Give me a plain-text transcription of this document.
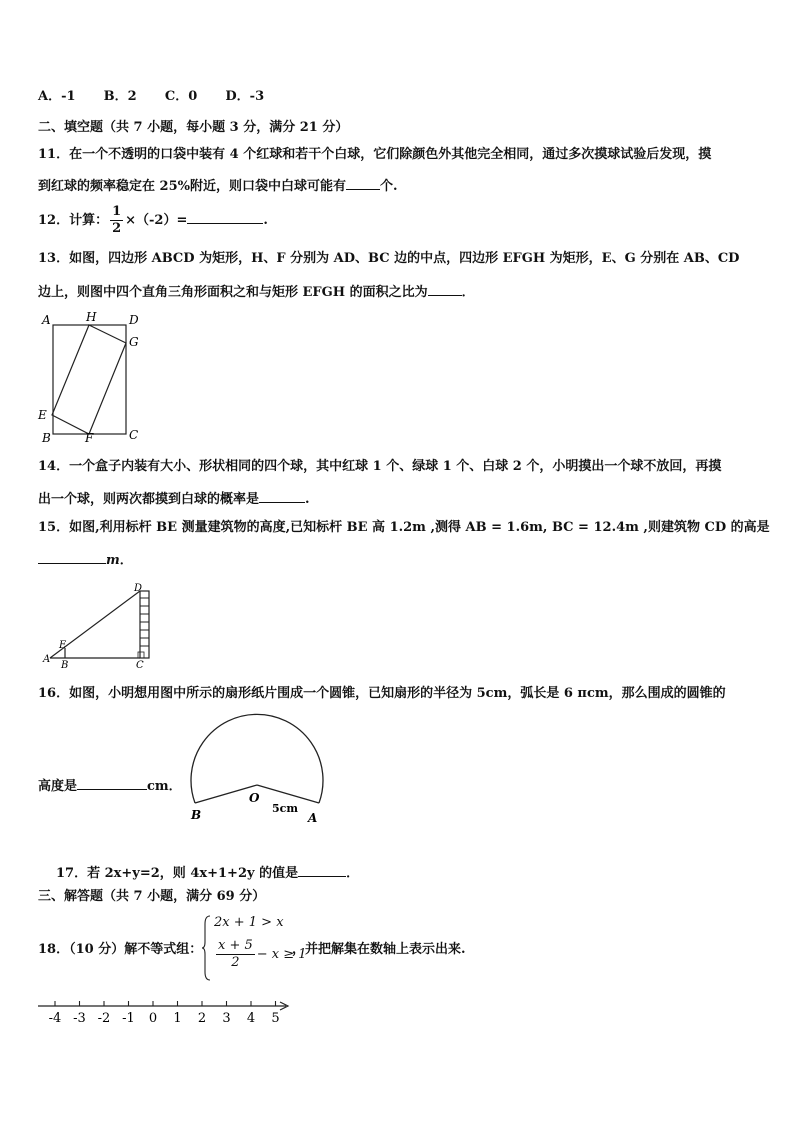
A．-1 B．2 C．0 D．-3
二、填空题（共 7 小题，每小题 3 分，满分 21 分）
11．在一个不透明的口袋中装有 4 个红球和若干个白球，它们除颜色外其他完全相同，通过多次摸球试验后发现，摸
到红球的频率稳定在 25%附近，则口袋中白球可能有	个.
12．计算： $\frac{1}{2} \times(-2)=$	.
13．如图，四边形 ABCD 为矩形，H、F 分别为 AD、BC 边的中点，四边形 EFGH 为矩形，E、G 分别在 AB、CD
边上，则图中四个直角三角形面积之和与矩形 EFGH 的面积之比为	．
A	H	D
G
E
B	F	C
14．一个盒子内装有大小、形状相同的四个球，其中红球 1 个、绿球 1 个、白球 2 个，小明摸出一个球不放回，再摸
出一个球，则两次都摸到白球的概率是	.
15．如图,利用标杆 BE 测量建筑物的高度,已知标杆 BE 高 1.2m ,测得 AB = 1.6m, BC = 12.4m ,则建筑物 CD 的高是
m．
A
B	C
D
E
16．如图，小明想用图中所示的扇形纸片围成一个圆锥，已知扇形的半径为 5cm，弧长是 6 πcm，那么围成的圆锥的
高度是	cm．
O
5cm
B	A
17．若 2x+y=2，则 4x+1+2y 的值是	．
三、解答题（共 7 小题，满分 69 分）
18．（10 分）解不等式组：
2x + 1 > x
$\frac{x + 5}{2} - x \ge 1$
，并把解集在数轴上表示出来.
-4 -3 -2 -1 0 1 2 3 4 5
